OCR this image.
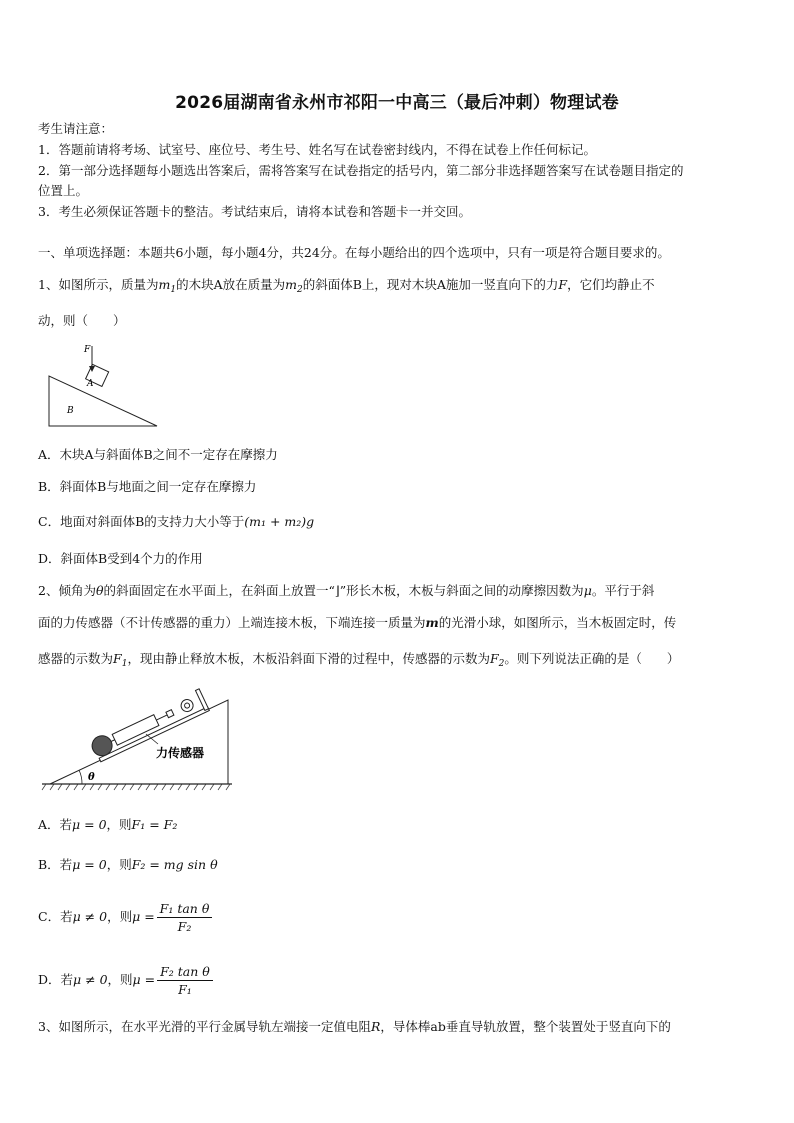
2026届湖南省永州市祁阳一中高三（最后冲刺）物理试卷
考生请注意：
1．答题前请将考场、试室号、座位号、考生号、姓名写在试卷密封线内，不得在试卷上作任何标记。
2．第一部分选择题每小题选出答案后，需将答案写在试卷指定的括号内，第二部分非选择题答案写在试卷题目指定的
位置上。
3．考生必须保证答题卡的整洁。考试结束后，请将本试卷和答题卡一并交回。
一、单项选择题：本题共6小题，每小题4分，共24分。在每小题给出的四个选项中，只有一项是符合题目要求的。
1、如图所示，质量为$m_1$的木块A放在质量为$m_2$的斜面体B上，现对木块A施加一竖直向下的力F，它们均静止不
动，则（　　）
F
A
B
A．木块A与斜面体B之间不一定存在摩擦力
B．斜面体B与地面之间一定存在摩擦力
C．地面对斜面体B的支持力大小等于(m₁ + m₂)g
D．斜面体B受到4个力的作用
2、倾角为θ的斜面固定在水平面上，在斜面上放置一“⌋”形长木板，木板与斜面之间的动摩擦因数为μ。平行于斜
面的力传感器（不计传感器的重力）上端连接木板，下端连接一质量为m的光滑小球，如图所示，当木板固定时，传
感器的示数为$F_1$，现由静止释放木板，木板沿斜面下滑的过程中，传感器的示数为$F_2$。则下列说法正确的是（　　）
θ
力传感器
A．若μ = 0，则F₁ = F₂
B．若μ = 0，则F₂ = mg sin θ
C．若μ ≠ 0，则$\mu = \frac{\text{F₁ tan θ}}{\text{F₂}}$
D．若μ ≠ 0，则$\mu = \frac{\text{F₂ tan θ}}{\text{F₁}}$
3、如图所示，在水平光滑的平行金属导轨左端接一定值电阻R，导体棒ab垂直导轨放置，整个装置处于竖直向下的
